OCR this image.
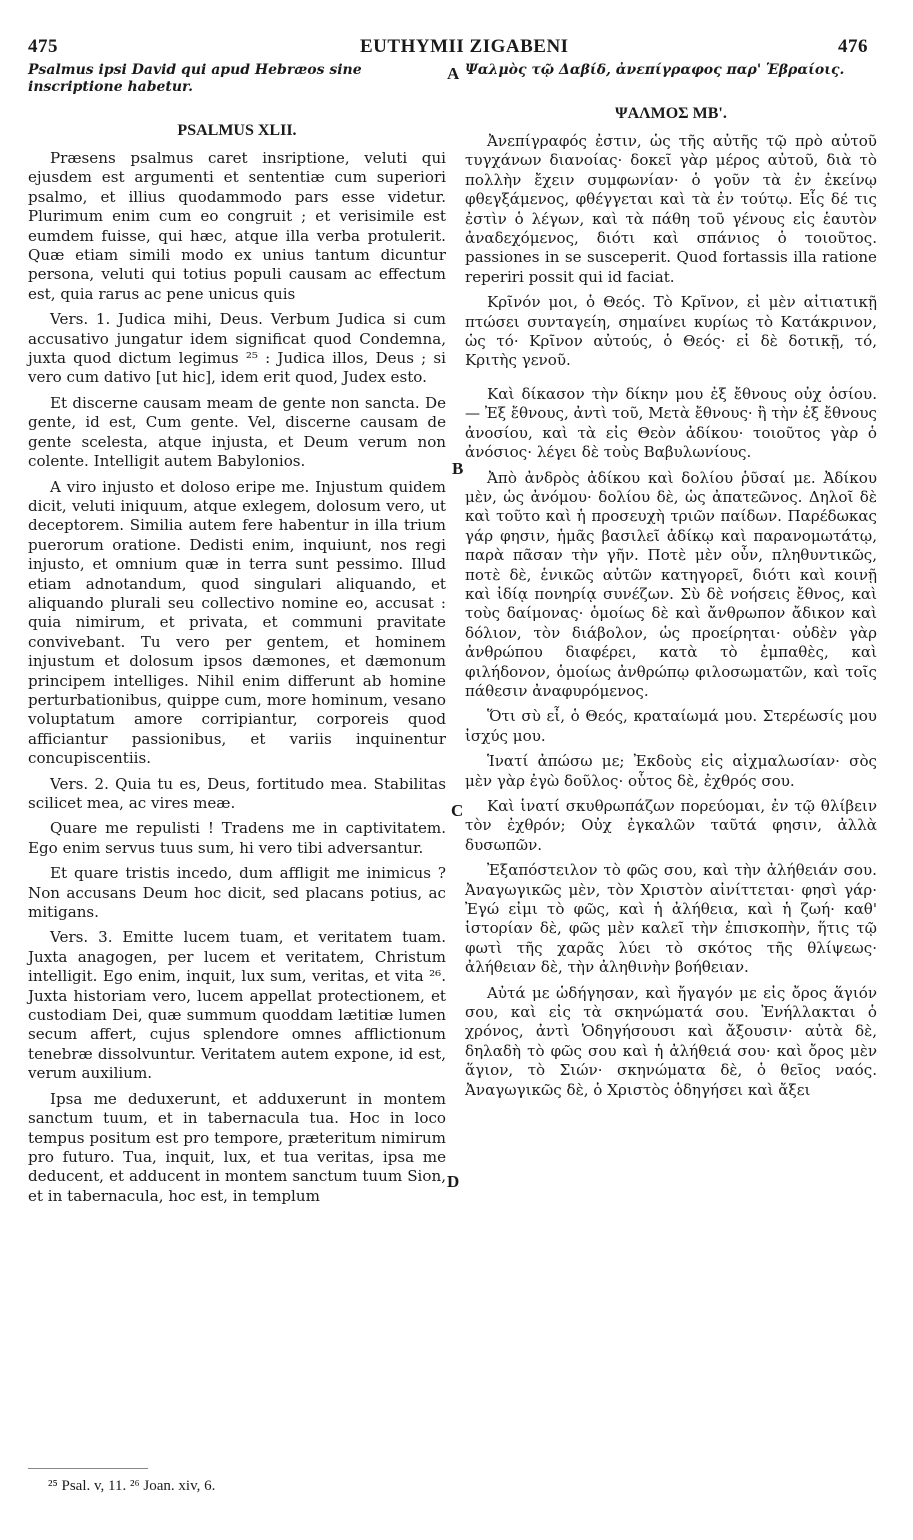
475	EUTHYMII ZIGABENI	476
A
B
C
D
Psalmus ipsi David qui apud Hebræos sine inscriptione habetur.
PSALMUS XLII.

Præsens psalmus caret insriptione, veluti qui ejusdem est argumenti et sententiæ cum superiori psalmo, et illius quodammodo pars esse videtur. Plurimum enim cum eo congruit ; et verisimile est eumdem fuisse, qui hæc, atque illa verba protulerit. Quæ etiam simili modo ex unius tantum dicuntur persona, veluti qui totius populi causam ac effectum est, quia rarus ac pene unicus quis

Vers. 1. Judica mihi, Deus. Verbum Judica si cum accusativo jungatur idem significat quod Condemna, juxta quod dictum legimus ²⁵ : Judica illos, Deus ; si vero cum dativo [ut hic], idem erit quod, Judex esto.

Et discerne causam meam de gente non sancta. De gente, id est, Cum gente. Vel, discerne causam de gente scelesta, atque injusta, et Deum verum non colente. Intelligit autem Babylonios.

A viro injusto et doloso eripe me. Injustum quidem dicit, veluti iniquum, atque exlegem, dolosum vero, ut deceptorem. Similia autem fere habentur in illa trium puerorum oratione. Dedisti enim, inquiunt, nos regi injusto, et omnium quæ in terra sunt pessimo. Illud etiam adnotandum, quod singulari aliquando, et aliquando plurali seu collectivo nomine eo, accusat : quia nimirum, et privata, et communi pravitate convivebant. Tu vero per gentem, et hominem injustum et dolosum ipsos dæmones, et dæmonum principem intelliges. Nihil enim differunt ab homine perturbationibus, quippe cum, more hominum, vesano voluptatum amore corripiantur, corporeis quod afficiantur passionibus, et variis inquinentur concupiscentiis.

Vers. 2. Quia tu es, Deus, fortitudo mea. Stabilitas scilicet mea, ac vires meæ.

Quare me repulisti ! Tradens me in captivitatem. Ego enim servus tuus sum, hi vero tibi adversantur.

Et quare tristis incedo, dum affligit me inimicus ? Non accusans Deum hoc dicit, sed placans potius, ac mitigans.

Vers. 3. Emitte lucem tuam, et veritatem tuam. Juxta anagogen, per lucem et veritatem, Christum intelligit. Ego enim, inquit, lux sum, veritas, et vita ²⁶. Juxta historiam vero, lucem appellat protectionem, et custodiam Dei, quæ summum quoddam lætitiæ lumen secum affert, cujus splendore omnes afflictionum tenebræ dissolvuntur. Veritatem autem expone, id est, verum auxilium.

Ipsa me deduxerunt, et adduxerunt in montem sanctum tuum, et in tabernacula tua. Hoc in loco tempus positum est pro tempore, præteritum nimirum pro futuro. Tua, inquit, lux, et tua veritas, ipsa me deducent, et adducent in montem sanctum tuum Sion, et in tabernacula, hoc est, in templum

Ψαλμὸς τῷ Δαβίδ, ἀνεπίγραφος παρ' Ἑβραίοις.
ΨΑΛΜΟΣ ΜΒ'.

Ἀνεπίγραφός ἐστιν, ὡς τῆς αὐτῆς τῷ πρὸ αὐτοῦ τυγχάνων διανοίας· δοκεῖ γὰρ μέρος αὐτοῦ, διὰ τὸ πολλὴν ἔχειν συμφωνίαν· ὁ γοῦν τὰ ἐν ἐκείνῳ φθεγξάμενος, φθέγγεται καὶ τὰ ἐν τούτῳ. Εἷς δέ τις ἐστὶν ὁ λέγων, καὶ τὰ πάθη τοῦ γένους εἰς ἑαυτὸν ἀναδεχόμενος, διότι καὶ σπάνιος ὁ τοιοῦτος. passiones in se susceperit. Quod fortassis illa ratione reperiri possit qui id faciat.

Κρῖνόν μοι, ὁ Θεός. Τὸ Κρῖνον, εἰ μὲν αἰτιατικῇ πτώσει συνταγείη, σημαίνει κυρίως τὸ Κατάκρινον, ὡς τό· Κρῖνον αὐτούς, ὁ Θεός· εἰ δὲ δοτικῇ, τό, Κριτὴς γενοῦ.

Καὶ δίκασον τὴν δίκην μου ἐξ ἔθνους οὐχ ὁσίου. — Ἐξ ἔθνους, ἀντὶ τοῦ, Μετὰ ἔθνους· ἢ τὴν ἐξ ἔθνους ἀνοσίου, καὶ τὰ εἰς Θεὸν ἀδίκου· τοιοῦτος γὰρ ὁ ἀνόσιος· λέγει δὲ τοὺς Βαβυλωνίους.

Ἀπὸ ἀνδρὸς ἀδίκου καὶ δολίου ῥῦσαί με. Ἀδίκου μὲν, ὡς ἀνόμου· δολίου δὲ, ὡς ἀπατεῶνος. Δηλοῖ δὲ καὶ τοῦτο καὶ ἡ προσευχὴ τριῶν παίδων. Παρέδωκας γάρ φησιν, ἡμᾶς βασιλεῖ ἀδίκῳ καὶ παρανομωτάτῳ, παρὰ πᾶσαν τὴν γῆν. Ποτὲ μὲν οὖν, πληθυντικῶς, ποτὲ δὲ, ἑνικῶς αὐτῶν κατηγορεῖ, διότι καὶ κοινῇ καὶ ἰδίᾳ πονηρίᾳ συνέζων. Σὺ δὲ νοήσεις ἔθνος, καὶ τοὺς δαίμονας· ὁμοίως δὲ καὶ ἄνθρωπον ἄδικον καὶ δόλιον, τὸν διάβολον, ὡς προείρηται· οὐδὲν γὰρ ἀνθρώπου διαφέρει, κατὰ τὸ ἐμπαθὲς, καὶ φιλήδονον, ὁμοίως ἀνθρώπῳ φιλοσωματῶν, καὶ τοῖς πάθεσιν ἀναφυρόμενος.

Ὅτι σὺ εἶ, ὁ Θεός, κραταίωμά μου. Στερέωσίς μου ἰσχύς μου.

Ἱνατί ἀπώσω με; Ἐκδοὺς εἰς αἰχμαλωσίαν· σὸς μὲν γὰρ ἐγὼ δοῦλος· οὗτος δὲ, ἐχθρός σου.

Καὶ ἱνατί σκυθρωπάζων πορεύομαι, ἐν τῷ θλίβειν τὸν ἐχθρόν; Οὐχ ἐγκαλῶν ταῦτά φησιν, ἀλλὰ δυσωπῶν.

Ἐξαπόστειλον τὸ φῶς σου, καὶ τὴν ἀλήθειάν σου. Ἀναγωγικῶς μὲν, τὸν Χριστὸν αἰνίττεται· φησὶ γάρ· Ἐγώ εἰμι τὸ φῶς, καὶ ἡ ἀλήθεια, καὶ ἡ ζωή· καθ' ἱστορίαν δὲ, φῶς μὲν καλεῖ τὴν ἐπισκοπὴν, ἥτις τῷ φωτὶ τῆς χαρᾶς λύει τὸ σκότος τῆς θλίψεως· ἀλήθειαν δὲ, τὴν ἀληθινὴν βοήθειαν.

Αὐτά με ὡδήγησαν, καὶ ἤγαγόν με εἰς ὄρος ἅγιόν σου, καὶ εἰς τὰ σκηνώματά σου. Ἐνήλλακται ὁ χρόνος, ἀντὶ Ὁδηγήσουσι καὶ ἄξουσιν· αὐτὰ δὲ, δηλαδὴ τὸ φῶς σου καὶ ἡ ἀλήθειά σου· καὶ ὄρος μὲν ἅγιον, τὸ Σιών· σκηνώματα δὲ, ὁ θεῖος ναός. Ἀναγωγικῶς δὲ, ὁ Χριστὸς ὁδηγήσει καὶ ἄξει

²⁵ Psal. v, 11. ²⁶ Joan. xiv, 6.
